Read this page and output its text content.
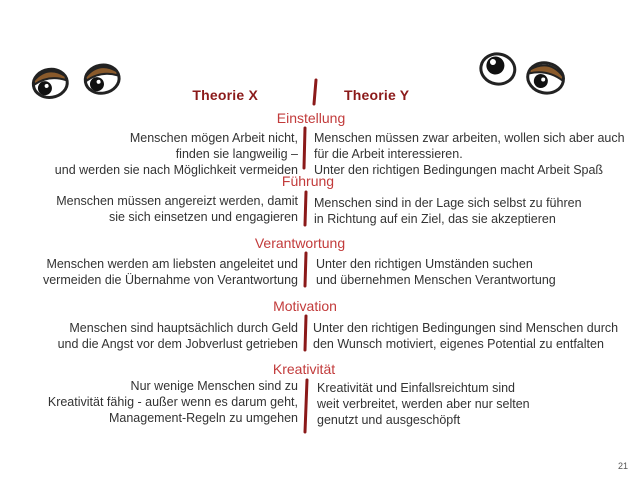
Theorie X	Theorie Y
Einstellung
Menschen mögen Arbeit nicht,
finden sie langweilig –
und werden sie nach Möglichkeit vermeiden
Menschen müssen zwar arbeiten, wollen sich aber auch
für die Arbeit interessieren.
Unter den richtigen Bedingungen macht Arbeit Spaß
Führung
Menschen müssen angereizt werden, damit
sie sich einsetzen und engagieren
Menschen sind in der Lage sich selbst zu führen
in Richtung auf ein Ziel, das sie akzeptieren
Verantwortung
Menschen werden am liebsten angeleitet und
vermeiden die Übernahme von Verantwortung
Unter den richtigen Umständen suchen
und übernehmen Menschen Verantwortung
Motivation
Menschen sind hauptsächlich durch Geld
und die Angst vor dem Jobverlust getrieben
Unter den richtigen Bedingungen sind Menschen durch
den Wunsch motiviert, eigenes Potential zu entfalten
Kreativität
Nur wenige Menschen sind zu
Kreativität fähig - außer wenn es darum geht,
Management-Regeln zu umgehen
Kreativität und Einfallsreichtum sind
weit verbreitet, werden aber nur selten
genutzt und ausgeschöpft
21
